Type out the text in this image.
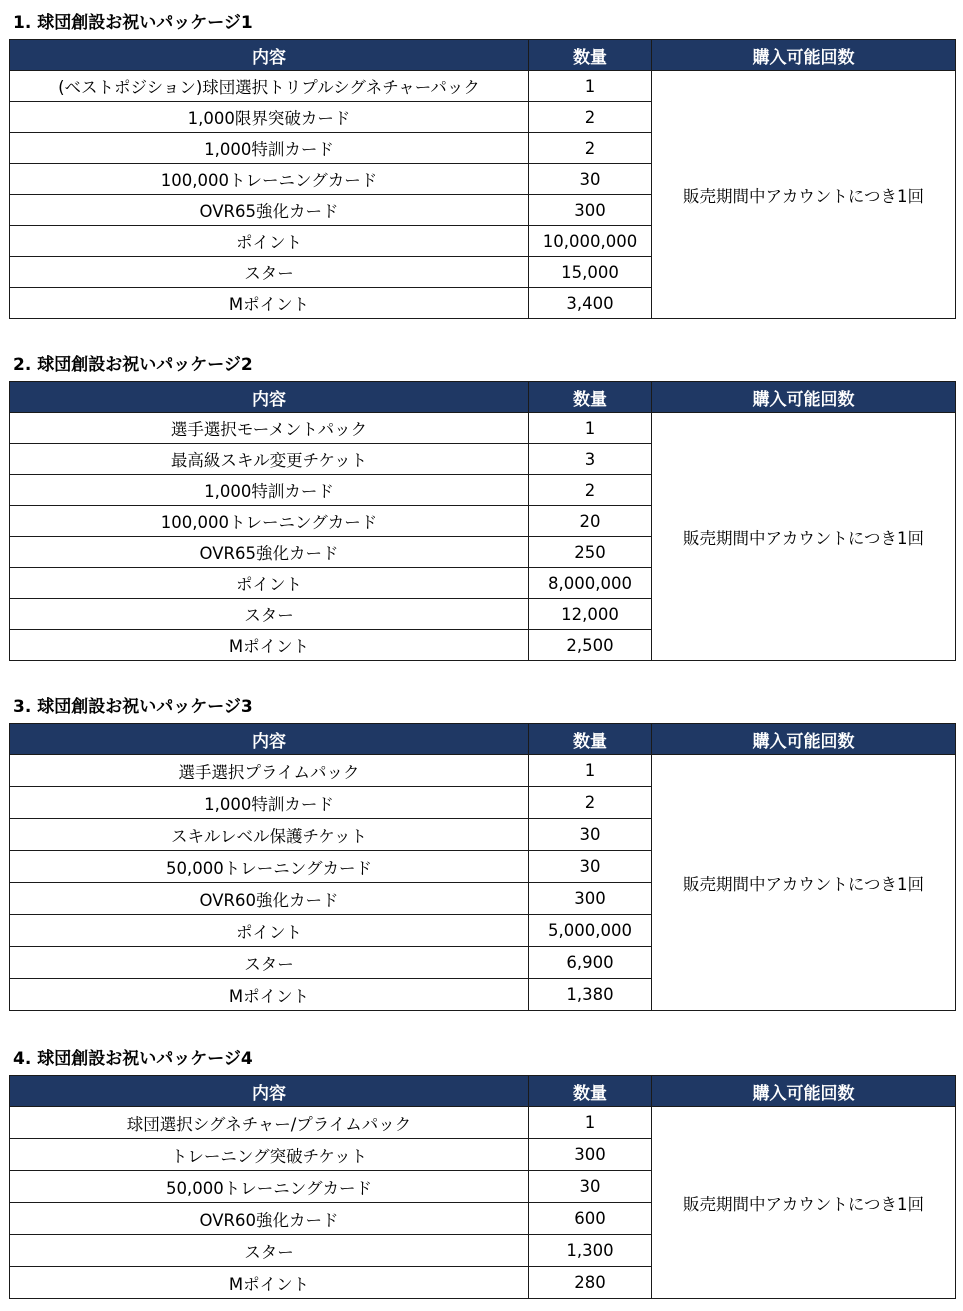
1. 球団創設お祝いパッケージ1
内容	数量	購入可能回数
(ベストポジション)球団選択トリプルシグネチャーパック	1	販売期間中アカウントにつき1回
1,000限界突破カード	2	
1,000特訓カード	2	
100,000トレーニングカード	30	
OVR65強化カード	300	
ポイント	10,000,000	
スター	15,000	
Mポイント	3,400	
2. 球団創設お祝いパッケージ2
内容	数量	購入可能回数
選手選択モーメントパック	1	販売期間中アカウントにつき1回
最高級スキル変更チケット	3	
1,000特訓カード	2	
100,000トレーニングカード	20	
OVR65強化カード	250	
ポイント	8,000,000	
スター	12,000	
Mポイント	2,500	
3. 球団創設お祝いパッケージ3
内容	数量	購入可能回数
選手選択プライムパック	1	販売期間中アカウントにつき1回
1,000特訓カード	2	
スキルレベル保護チケット	30	
50,000トレーニングカード	30	
OVR60強化カード	300	
ポイント	5,000,000	
スター	6,900	
Mポイント	1,380	
4. 球団創設お祝いパッケージ4
内容	数量	購入可能回数
球団選択シグネチャー/プライムパック	1	販売期間中アカウントにつき1回
トレーニング突破チケット	300	
50,000トレーニングカード	30	
OVR60強化カード	600	
スター	1,300	
Mポイント	280	
